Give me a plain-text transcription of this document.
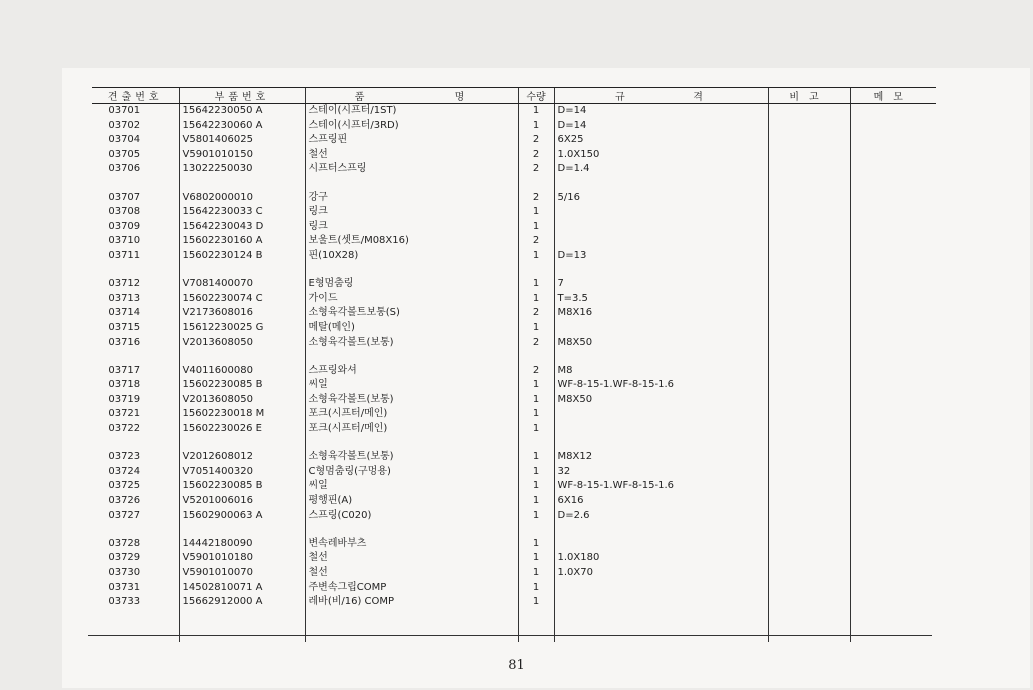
견출번호	부품번호	품            명	수량	규         격	비고	메모
03701	15642230050 A	스테이(시프터/1ST)	1	D=14		
03702	15642230060 A	스테이(시프터/3RD)	1	D=14		
03704	V5801406025	스프링핀	2	6X25		
03705	V5901010150	철선	2	1.0X150		
03706	13022250030	시프터스프링	2	D=1.4		

03707	V6802000010	강구	2	5/16		
03708	15642230033 C	링크	1			
03709	15642230043 D	링크	1			
03710	15602230160 A	보울트(셋트/M08X16)	2			
03711	15602230124 B	핀(10X28)	1	D=13		

03712	V7081400070	E형멈춤링	1	7		
03713	15602230074 C	가이드	1	T=3.5		
03714	V2173608016	소형육각볼트보통(S)	2	M8X16		
03715	15612230025 G	메탈(메인)	1			
03716	V2013608050	소형육각볼트(보통)	2	M8X50		

03717	V4011600080	스프링와셔	2	M8		
03718	15602230085 B	씨일	1	WF-8-15-1.WF-8-15-1.6		
03719	V2013608050	소형육각볼트(보통)	1	M8X50		
03721	15602230018 M	포크(시프터/메인)	1			
03722	15602230026 E	포크(시프터/메인)	1			

03723	V2012608012	소형육각볼트(보통)	1	M8X12		
03724	V7051400320	C형멈춤링(구멍용)	1	32		
03725	15602230085 B	씨일	1	WF-8-15-1.WF-8-15-1.6		
03726	V5201006016	평행핀(A)	1	6X16		
03727	15602900063 A	스프링(C020)	1	D=2.6		

03728	14442180090	변속레바부츠	1			
03729	V5901010180	철선	1	1.0X180		
03730	V5901010070	철선	1	1.0X70		
03731	14502810071 A	주변속그립COMP	1			
03733	15662912000 A	레바(비/16) COMP	1			

81
